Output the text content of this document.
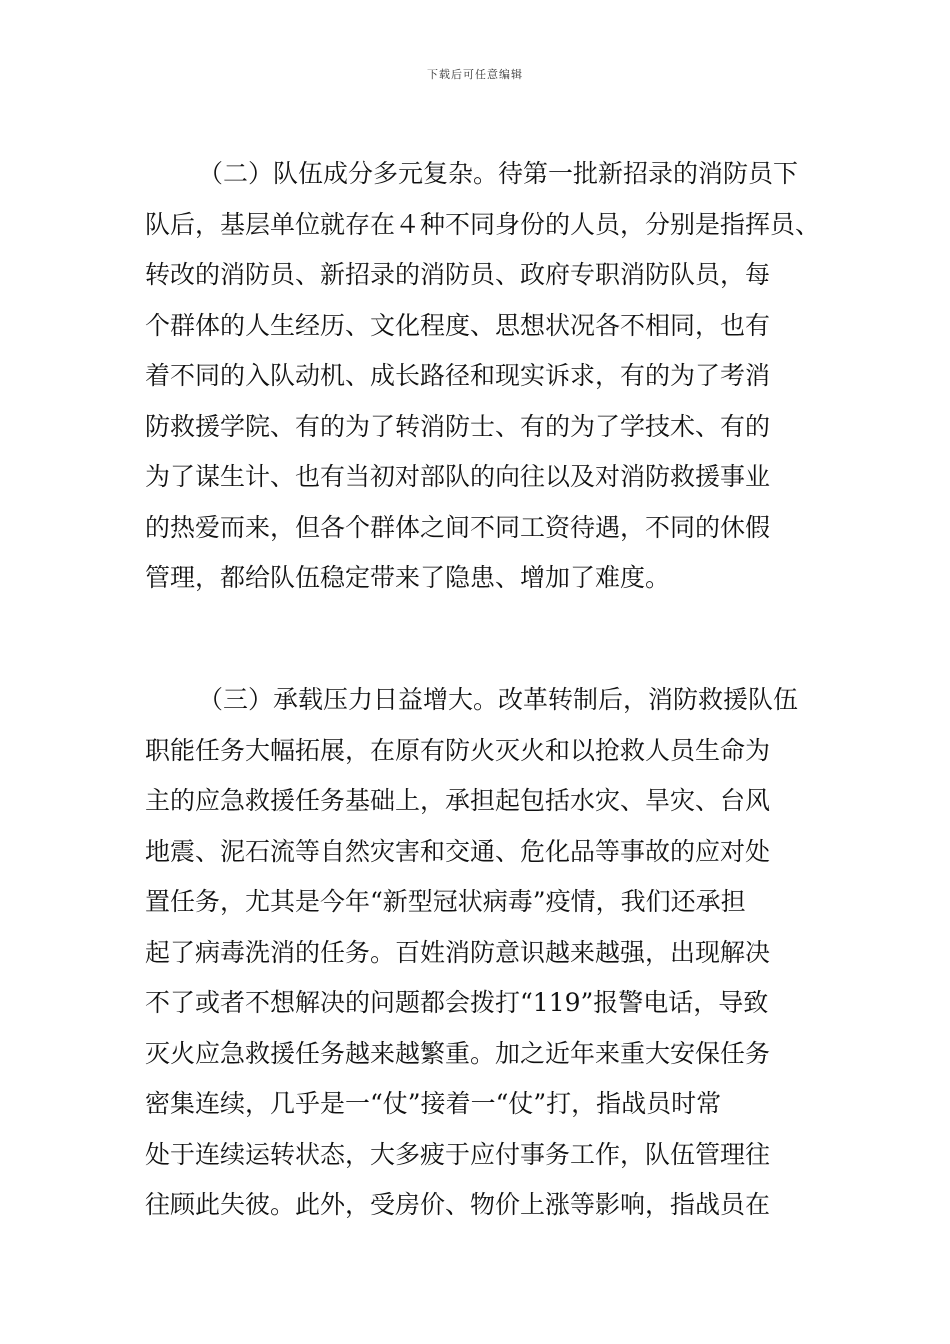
下载后可任意编辑
（二）队伍成分多元复杂。待第一批新招录的消防员下
队后，基层单位就存在４种不同身份的人员，分别是指挥员、
转改的消防员、新招录的消防员、政府专职消防队员，每
个群体的人生经历、文化程度、思想状况各不相同，也有
着不同的入队动机、成长路径和现实诉求，有的为了考消
防救援学院、有的为了转消防士、有的为了学技术、有的
为了谋生计、也有当初对部队的向往以及对消防救援事业
的热爱而来，但各个群体之间不同工资待遇，不同的休假
管理，都给队伍稳定带来了隐患、增加了难度。
（三）承载压力日益增大。改革转制后，消防救援队伍
职能任务大幅拓展，在原有防火灭火和以抢救人员生命为
主的应急救援任务基础上，承担起包括水灾、旱灾、台风
地震、泥石流等自然灾害和交通、危化品等事故的应对处
置任务，尤其是今年“新型冠状病毒”疫情，我们还承担
起了病毒洗消的任务。百姓消防意识越来越强，出现解决
不了或者不想解决的问题都会拨打“119”报警电话，导致
灭火应急救援任务越来越繁重。加之近年来重大安保任务
密集连续，几乎是一“仗”接着一“仗”打，指战员时常
处于连续运转状态，大多疲于应付事务工作，队伍管理往
往顾此失彼。此外，受房价、物价上涨等影响，指战员在
